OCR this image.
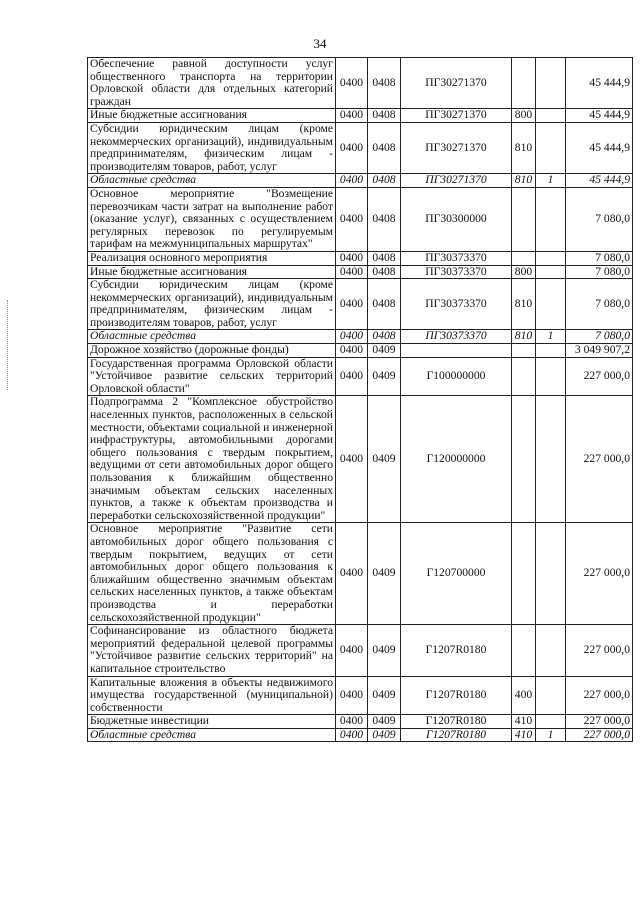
34
Обеспечение равной доступности услуг общественного транспорта на территории Орловской области для отдельных категорий граждан	0400	0408	ПГ30271370			45 444,9
Иные бюджетные ассигнования	0400	0408	ПГ30271370	800		45 444,9
Субсидии юридическим лицам (кроме некоммерческих организаций), индивидуальным предпринимателям, физическим лицам - производителям товаров, работ, услуг	0400	0408	ПГ30271370	810		45 444,9
Областные средства	0400	0408	ПГ30271370	810	1	45 444,9
Основное мероприятие "Возмещение перевозчикам части затрат на выполнение работ (оказание услуг), связанных с осуществлением регулярных перевозок по регулируемым тарифам на межмуниципальных маршрутах"	0400	0408	ПГ30300000			7 080,0
Реализация основного мероприятия	0400	0408	ПГ30373370			7 080,0
Иные бюджетные ассигнования	0400	0408	ПГ30373370	800		7 080,0
Субсидии юридическим лицам (кроме некоммерческих организаций), индивидуальным предпринимателям, физическим лицам - производителям товаров, работ, услуг	0400	0408	ПГ30373370	810		7 080,0
Областные средства	0400	0408	ПГ30373370	810	1	7 080,0
Дорожное хозяйство (дорожные фонды)	0400	0409				3 049 907,2
Государственная программа Орловской области "Устойчивое развитие сельских территорий Орловской области"	0400	0409	Г100000000			227 000,0
Подпрограмма 2 "Комплексное обустройство населенных пунктов, расположенных в сельской местности, объектами социальной и инженерной инфраструктуры, автомобильными дорогами общего пользования с твердым покрытием, ведущими от сети автомобильных дорог общего пользования к ближайшим общественно значимым объектам сельских населенных пунктов, а также к объектам производства и переработки сельскохозяйственной продукции"	0400	0409	Г120000000			227 000,0
Основное мероприятие "Развитие сети автомобильных дорог общего пользования с твердым покрытием, ведущих от сети автомобильных дорог общего пользования к ближайшим общественно значимым объектам сельских населенных пунктов, а также объектам производства и переработки сельскохозяйственной продукции"	0400	0409	Г120700000			227 000,0
Софинансирование из областного бюджета мероприятий федеральной целевой программы "Устойчивое развитие сельских территорий" на капитальное строительство	0400	0409	Г1207R0180			227 000,0
Капитальные вложения в объекты недвижимого имущества государственной (муниципальной) собственности	0400	0409	Г1207R0180	400		227 000,0
Бюджетные инвестиции	0400	0409	Г1207R0180	410		227 000,0
Областные средства	0400	0409	Г1207R0180	410	1	227 000,0
